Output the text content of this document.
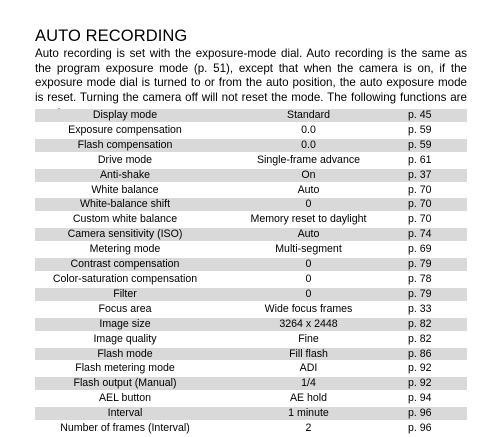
AUTO RECORDING

Auto recording is set with the exposure-mode dial. Auto recording is the same as the program exposure mode (p. 51), except that when the camera is on, if the exposure mode dial is turned to or from the auto position, the auto exposure mode is reset. Turning the camera off will not reset the mode. The following functions are

Display mode	Standard	p. 45
Exposure compensation	0.0	p. 59
Flash compensation	0.0	p. 59
Drive mode	Single-frame advance	p. 61
Anti-shake	On	p. 37
White balance	Auto	p. 70
White-balance shift	0	p. 70
Custom white balance	Memory reset to daylight	p. 70
Camera sensitivity (ISO)	Auto	p. 74
Metering mode	Multi-segment	p. 69
Contrast compensation	0	p. 79
Color-saturation compensation	0	p. 78
Filter	0	p. 79
Focus area	Wide focus frames	p. 33
Image size	3264 x 2448	p. 82
Image quality	Fine	p. 82
Flash mode	Fill flash	p. 86
Flash metering mode	ADI	p. 92
Flash output (Manual)	1/4	p. 92
AEL button	AE hold	p. 94
Interval	1 minute	p. 96
Number of frames (Interval)	2	p. 96
